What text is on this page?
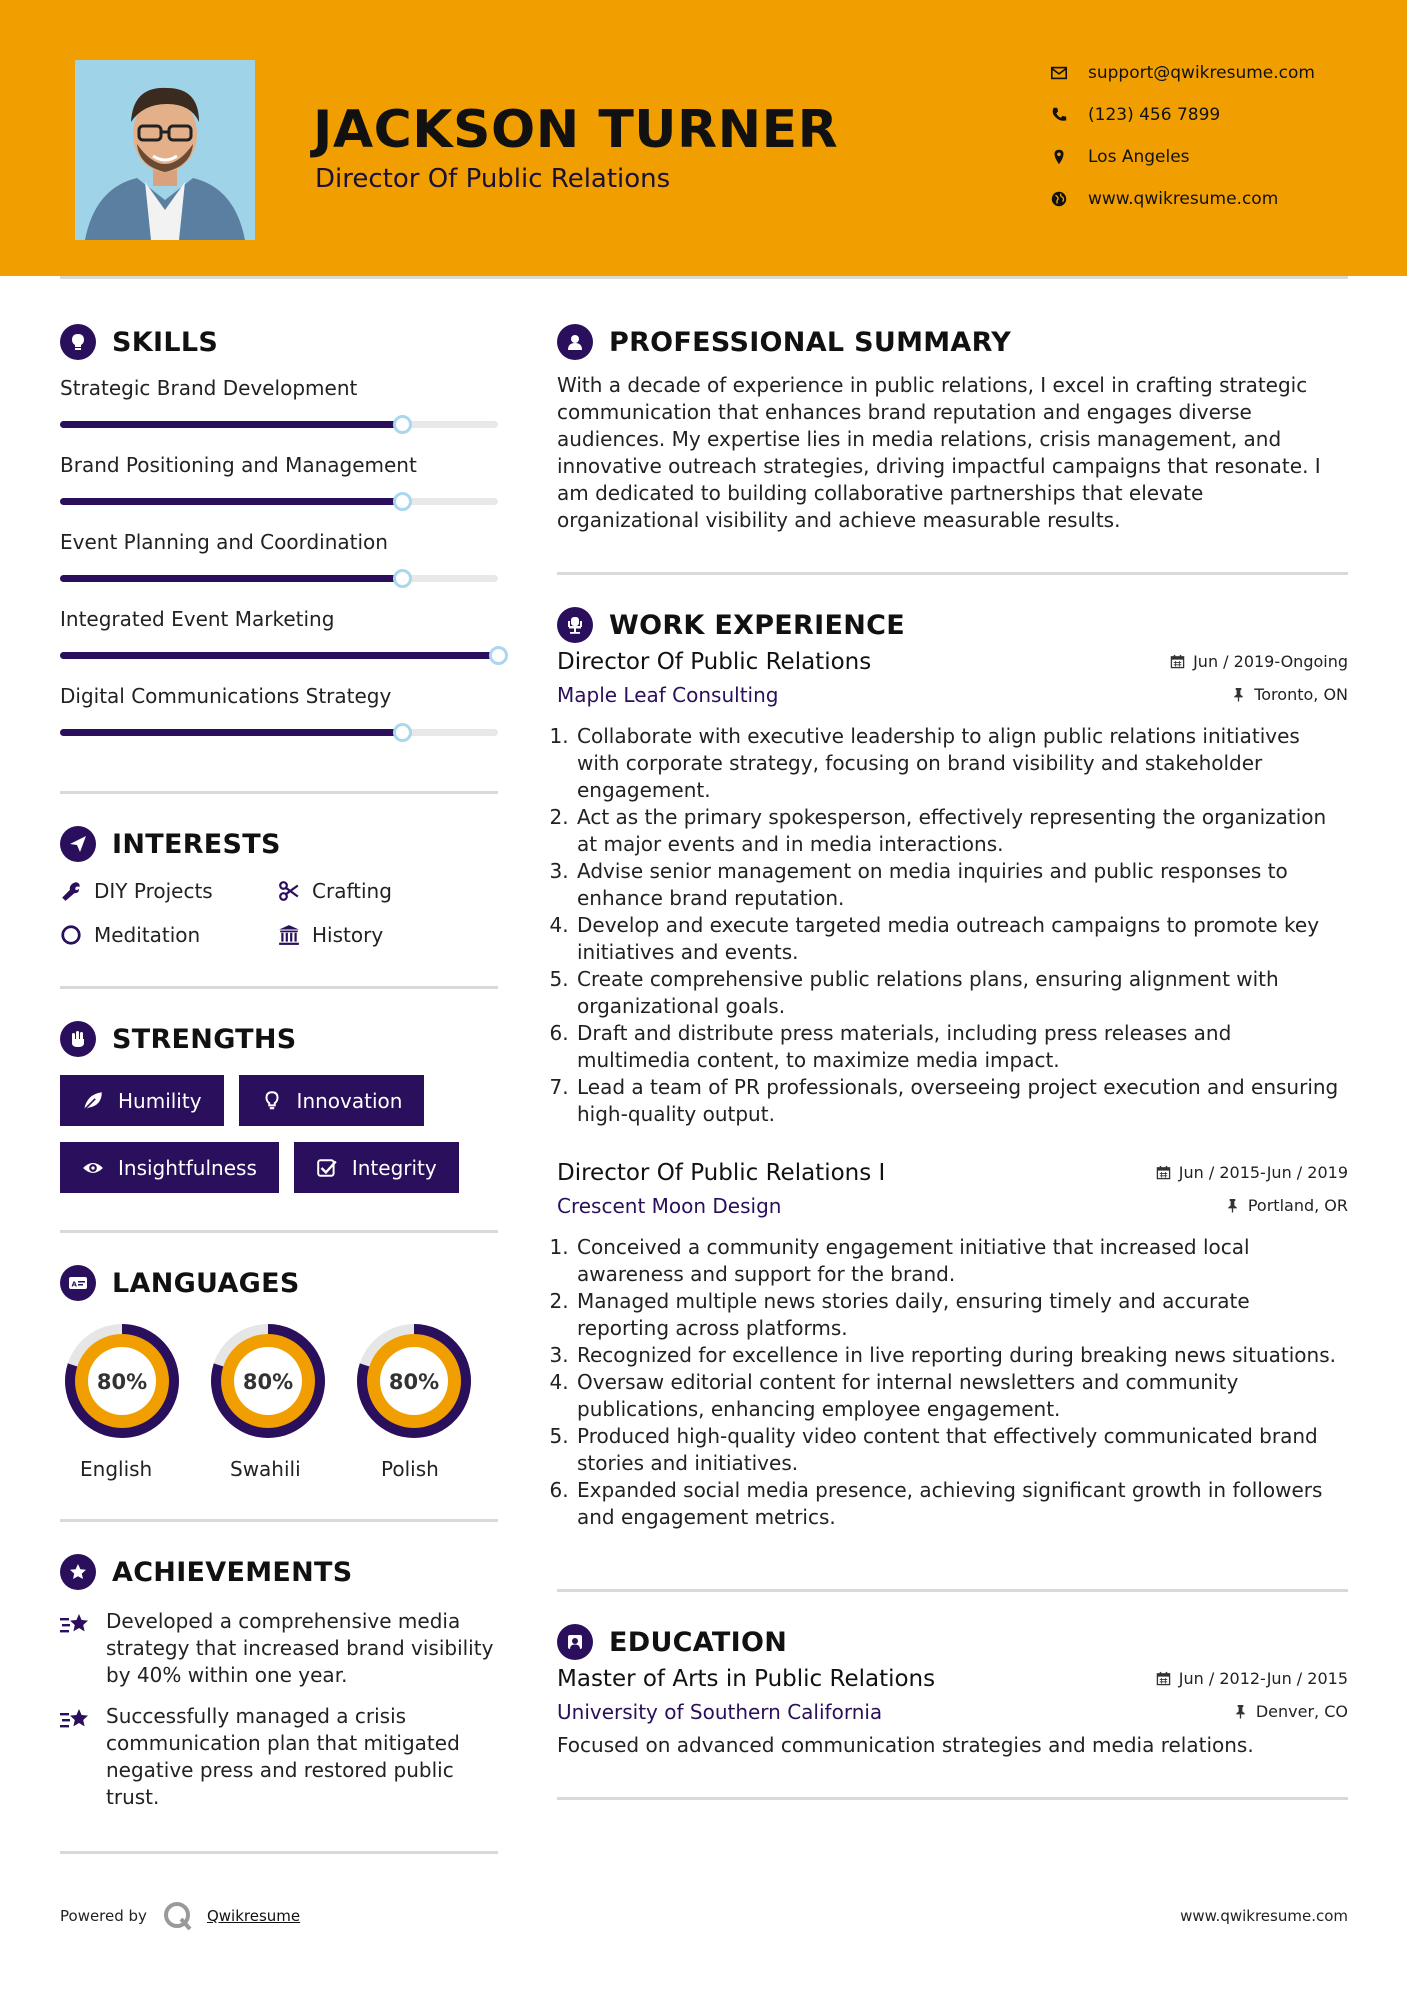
JACKSON TURNER
Director Of Public Relations
support@qwikresume.com
(123) 456 7899
Los Angeles
www.qwikresume.com
SKILLS
Strategic Brand Development
Brand Positioning and Management
Event Planning and Coordination
Integrated Event Marketing
Digital Communications Strategy
INTERESTS
DIY Projects	Crafting
Meditation	History
STRENGTHS
Humility	Innovation
Insightfulness	Integrity
A LANGUAGES
80%
English
80%
Swahili
80%
Polish
ACHIEVEMENTS
Developed a comprehensive media strategy that increased brand visibility by 40% within one year.
Successfully managed a crisis communication plan that mitigated negative press and restored public trust.
PROFESSIONAL SUMMARY
With a decade of experience in public relations, I excel in crafting strategic communication that enhances brand reputation and engages diverse audiences. My expertise lies in media relations, crisis management, and innovative outreach strategies, driving impactful campaigns that resonate. I am dedicated to building collaborative partnerships that elevate organizational visibility and achieve measurable results.
WORK EXPERIENCE
Director Of Public Relations	Jun / 2019-Ongoing
Maple Leaf Consulting	Toronto, ON
1. Collaborate with executive leadership to align public relations initiatives with corporate strategy, focusing on brand visibility and stakeholder engagement.
2. Act as the primary spokesperson, effectively representing the organization at major events and in media interactions.
3. Advise senior management on media inquiries and public responses to enhance brand reputation.
4. Develop and execute targeted media outreach campaigns to promote key initiatives and events.
5. Create comprehensive public relations plans, ensuring alignment with organizational goals.
6. Draft and distribute press materials, including press releases and multimedia content, to maximize media impact.
7. Lead a team of PR professionals, overseeing project execution and ensuring high-quality output.
Director Of Public Relations I	Jun / 2015-Jun / 2019
Crescent Moon Design	Portland, OR
1. Conceived a community engagement initiative that increased local awareness and support for the brand.
2. Managed multiple news stories daily, ensuring timely and accurate reporting across platforms.
3. Recognized for excellence in live reporting during breaking news situations.
4. Oversaw editorial content for internal newsletters and community publications, enhancing employee engagement.
5. Produced high-quality video content that effectively communicated brand stories and initiatives.
6. Expanded social media presence, achieving significant growth in followers and engagement metrics.
EDUCATION
Master of Arts in Public Relations	Jun / 2012-Jun / 2015
University of Southern California	Denver, CO
Focused on advanced communication strategies and media relations.
Powered by	Qwikresume	www.qwikresume.com
